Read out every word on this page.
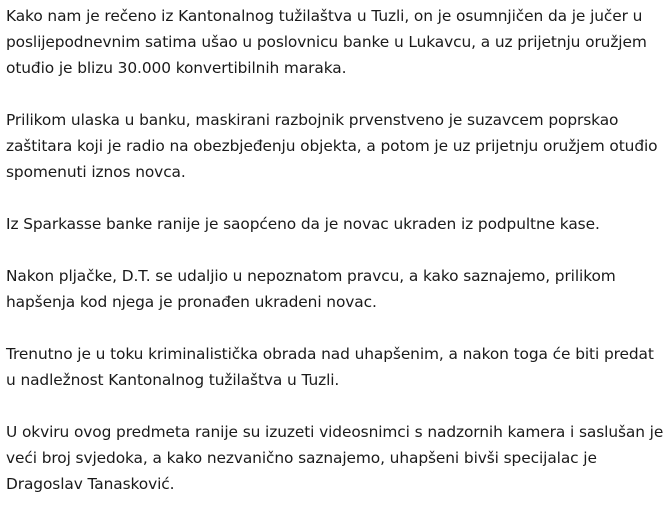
Kako nam je rečeno iz Kantonalnog tužilaštva u Tuzli, on je osumnjičen da je jučer u
poslijepodnevnim satima ušao u poslovnicu banke u Lukavcu, a uz prijetnju oružjem
otuđio je blizu 30.000 konvertibilnih maraka.

Prilikom ulaska u banku, maskirani razbojnik prvenstveno je suzavcem poprskao
zaštitara koji je radio na obezbjeđenju objekta, a potom je uz prijetnju oružjem otuđio
spomenuti iznos novca.

Iz Sparkasse banke ranije je saopćeno da je novac ukraden iz podpultne kase.

Nakon pljačke, D.T. se udaljio u nepoznatom pravcu, a kako saznajemo, prilikom
hapšenja kod njega je pronađen ukradeni novac.

Trenutno je u toku kriminalistička obrada nad uhapšenim, a nakon toga će biti predat
u nadležnost Kantonalnog tužilaštva u Tuzli.

U okviru ovog predmeta ranije su izuzeti videosnimci s nadzornih kamera i saslušan je
veći broj svjedoka, a kako nezvanično saznajemo, uhapšeni bivši specijalac je
Dragoslav Tanasković.
